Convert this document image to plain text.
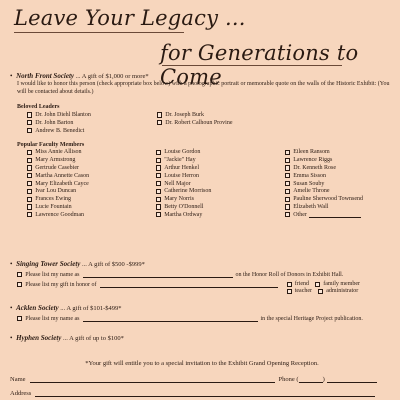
Leave Your Legacy ...
for Generations to Come
• North Front Society ... A gift of $1,000 or more*
I would like to honor this person (check appropriate box below) with a photographic portrait or memorable quote on the walls of the Historic Exhibit: (You will be contacted about details.)
Beloved Leaders
Dr. John Diehl Blanton
Dr. John Barton
Andrew B. Benedict
Dr. Joseph Burk
Dr. Robert Calhoun Provine
Popular Faculty Members
Miss Annie Allison
Mary Armstrong
Gertrude Casebier
Martha Annette Cason
Mary Elizabeth Cayce
Ivar Lou Duncan
Frances Ewing
Lucie Fountain
Lawrence Goodman
Louise Gordon
"Jackie" Hay
Arthur Henkel
Louise Herron
Nell Major
Catherine Morrison
Mary Norris
Betty O'Donnell
Martha Ordway
Eileen Ransom
Lawrence Riggs
Dr. Kenneth Rose
Emma Sisson
Susan Souby
Amelie Throne
Pauline Sherwood Townsend
Elizabeth Wall
Other
• Singing Tower Society ... A gift of $500 -$999*
Please list my name as	on the Honor Roll of Donors in Exhibit Hall.
Please list my gift in honor of	friend family member
teacher administrator
• Acklen Society ... A gift of $101-$499*
Please list my name as	in the special Heritage Project publication.
• Hyphen Society ... A gift of up to $100*
*Your gift will entitle you to a special invitation to the Exhibit Grand Opening Reception.
Name	Phone (	)
Address
